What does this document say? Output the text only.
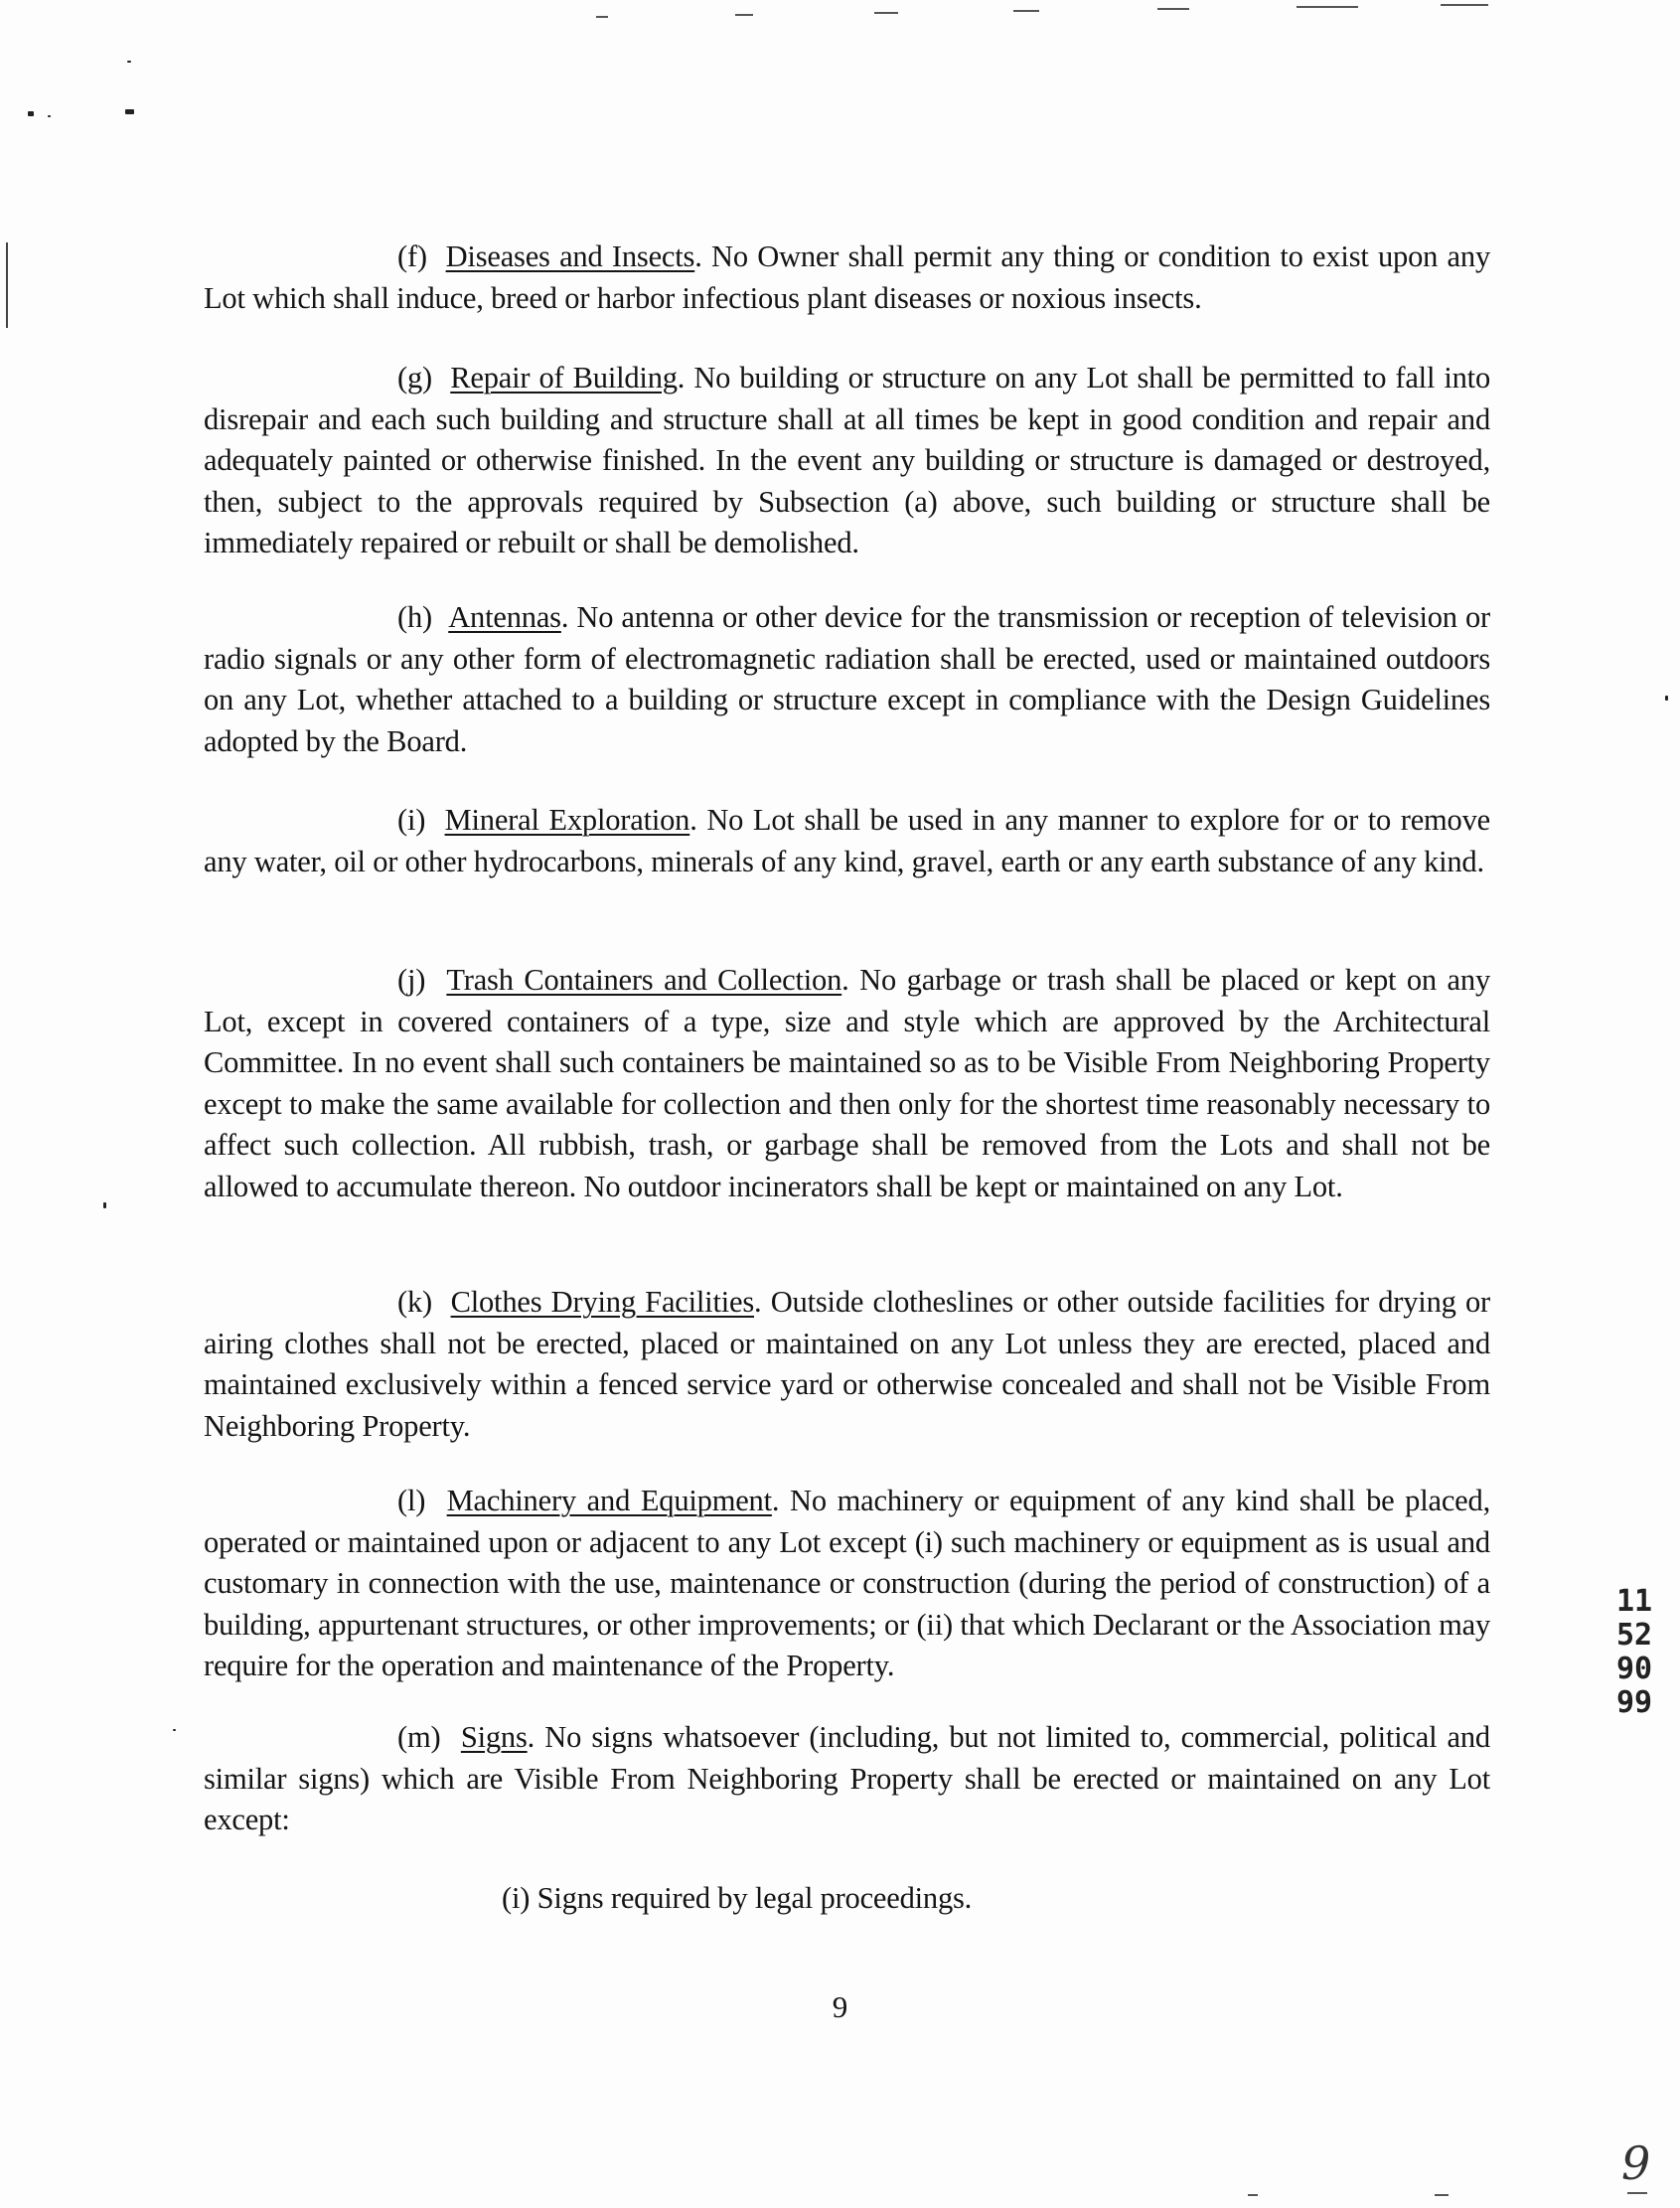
(f) Diseases and Insects. No Owner shall permit any thing or condition to exist upon any Lot which shall induce, breed or harbor infectious plant diseases or noxious insects.

(g) Repair of Building. No building or structure on any Lot shall be permitted to fall into disrepair and each such building and structure shall at all times be kept in good condition and repair and adequately painted or otherwise finished. In the event any building or structure is damaged or destroyed, then, subject to the approvals required by Subsection (a) above, such building or structure shall be immediately repaired or rebuilt or shall be demolished.

(h) Antennas. No antenna or other device for the transmission or reception of television or radio signals or any other form of electromagnetic radiation shall be erected, used or maintained outdoors on any Lot, whether attached to a building or structure except in compliance with the Design Guidelines adopted by the Board.

(i) Mineral Exploration. No Lot shall be used in any manner to explore for or to remove any water, oil or other hydrocarbons, minerals of any kind, gravel, earth or any earth substance of any kind.

(j) Trash Containers and Collection. No garbage or trash shall be placed or kept on any Lot, except in covered containers of a type, size and style which are approved by the Architectural Committee. In no event shall such containers be maintained so as to be Visible From Neighboring Property except to make the same available for collection and then only for the shortest time reasonably necessary to affect such collection. All rubbish, trash, or garbage shall be removed from the Lots and shall not be allowed to accumulate thereon. No outdoor incinerators shall be kept or maintained on any Lot.

(k) Clothes Drying Facilities. Outside clotheslines or other outside facilities for drying or airing clothes shall not be erected, placed or maintained on any Lot unless they are erected, placed and maintained exclusively within a fenced service yard or otherwise concealed and shall not be Visible From Neighboring Property.

(l) Machinery and Equipment. No machinery or equipment of any kind shall be placed, operated or maintained upon or adjacent to any Lot except (i) such machinery or equipment as is usual and customary in connection with the use, maintenance or construction (during the period of construction) of a building, appurtenant structures, or other improvements; or (ii) that which Declarant or the Association may require for the operation and maintenance of the Property.

(m) Signs. No signs whatsoever (including, but not limited to, commercial, political and similar signs) which are Visible From Neighboring Property shall be erected or maintained on any Lot except:

(i) Signs required by legal proceedings.

9
1152 9099
9
